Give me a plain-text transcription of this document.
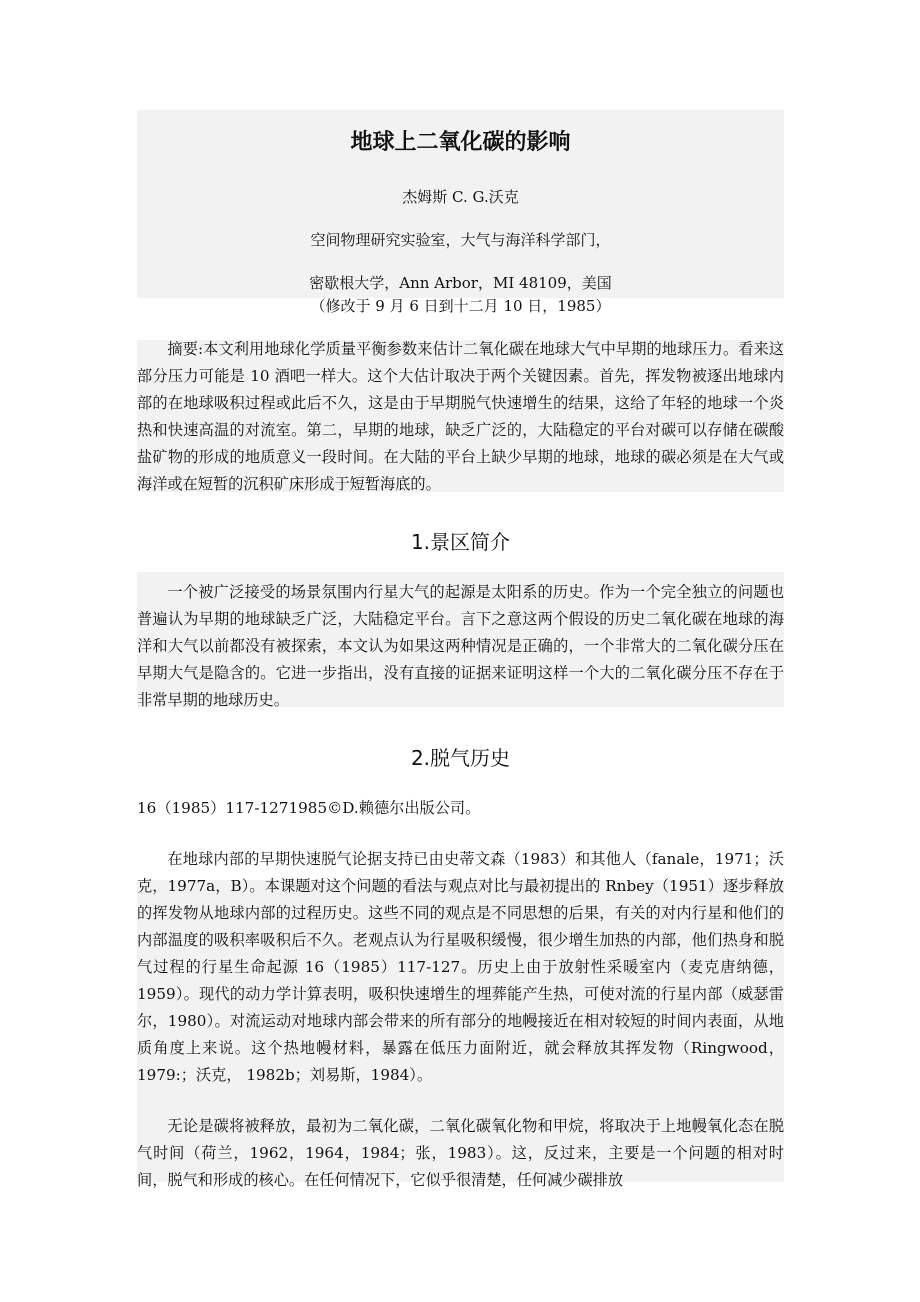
地球上二氧化碳的影响

杰姆斯 C. G.沃克

空间物理研究实验室，大气与海洋科学部门，

密歇根大学，Ann Arbor，MI 48109，美国

（修改于 9 月 6 日到十二月 10 日，1985）

摘要:本文利用地球化学质量平衡参数来估计二氧化碳在地球大气中早期的地球压力。看来这部分压力可能是 10 酒吧一样大。这个大估计取决于两个关键因素。首先，挥发物被逐出地球内部的在地球吸积过程或此后不久，这是由于早期脱气快速增生的结果，这给了年轻的地球一个炎热和快速高温的对流室。第二，早期的地球，缺乏广泛的，大陆稳定的平台对碳可以存储在碳酸盐矿物的形成的地质意义一段时间。在大陆的平台上缺少早期的地球，地球的碳必须是在大气或海洋或在短暂的沉积矿床形成于短暂海底的。

1.景区简介

一个被广泛接受的场景氛围内行星大气的起源是太阳系的历史。作为一个完全独立的问题也普遍认为早期的地球缺乏广泛，大陆稳定平台。言下之意这两个假设的历史二氧化碳在地球的海洋和大气以前都没有被探索，本文认为如果这两种情况是正确的，一个非常大的二氧化碳分压在早期大气是隐含的。它进一步指出，没有直接的证据来证明这样一个大的二氧化碳分压不存在于非常早期的地球历史。

2.脱气历史

16（1985）117-1271985©D.赖德尔出版公司。

在地球内部的早期快速脱气论据支持已由史蒂文森（1983）和其他人（fanale，1971；沃克，1977a，B）。本课题对这个问题的看法与观点对比与最初提出的 Rnbey（1951）逐步释放的挥发物从地球内部的过程历史。这些不同的观点是不同思想的后果，有关的对内行星和他们的内部温度的吸积率吸积后不久。老观点认为行星吸积缓慢，很少增生加热的内部，他们热身和脱气过程的行星生命起源 16（1985）117-127。历史上由于放射性采暖室内（麦克唐纳德，1959）。现代的动力学计算表明，吸积快速增生的埋葬能产生热，可使对流的行星内部（威瑟雷尔，1980）。对流运动对地球内部会带来的所有部分的地幔接近在相对较短的时间内表面，从地质角度上来说。这个热地幔材料，暴露在低压力面附近，就会释放其挥发物（Ringwood，1979:；沃克， 1982b；刘易斯，1984）。

无论是碳将被释放，最初为二氧化碳，二氧化碳氧化物和甲烷，将取决于上地幔氧化态在脱气时间（荷兰，1962，1964，1984；张，1983）。这，反过来，主要是一个问题的相对时间，脱气和形成的核心。在任何情况下，它似乎很清楚，任何减少碳排放
